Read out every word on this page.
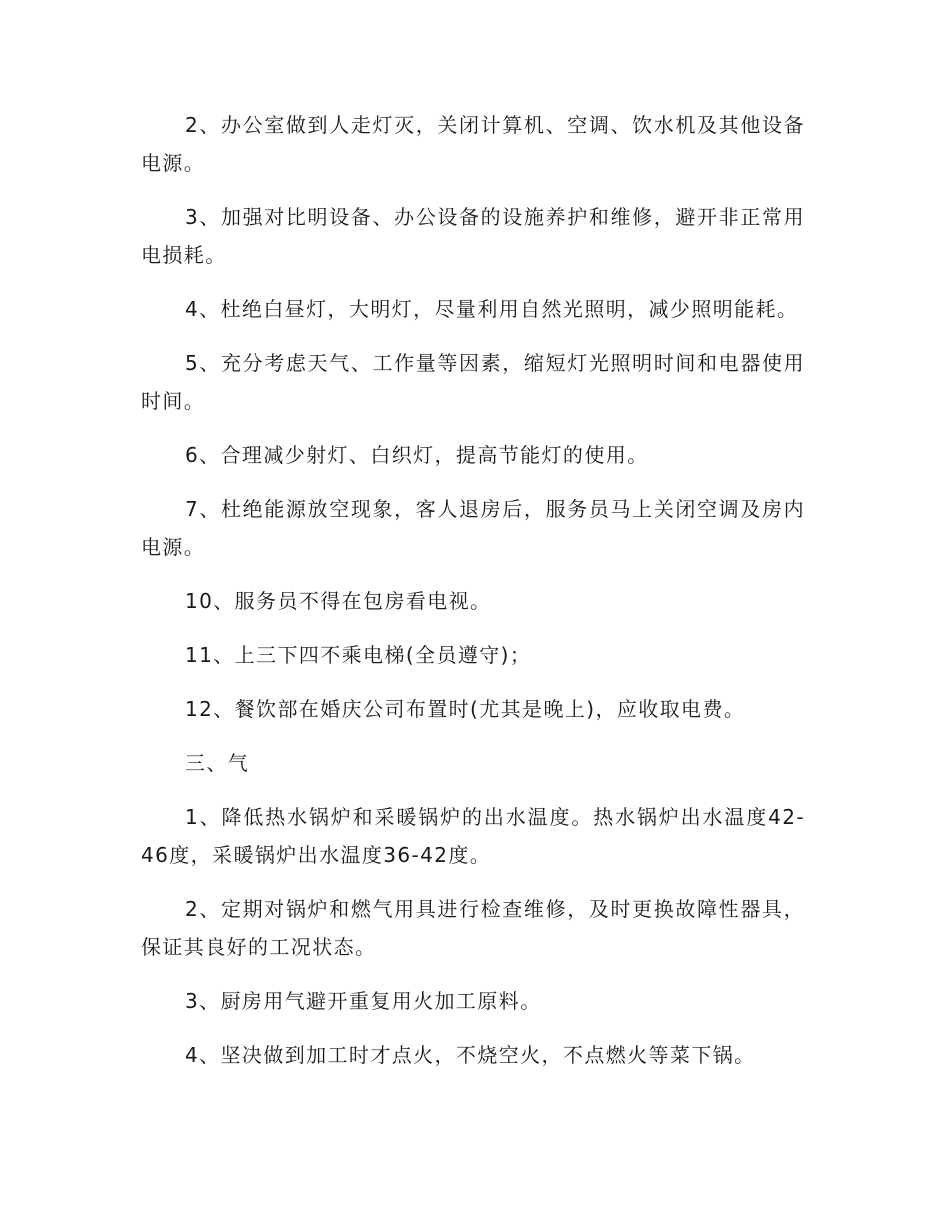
2、办公室做到人走灯灭，关闭计算机、空调、饮水机及其他设备电源。

3、加强对比明设备、办公设备的设施养护和维修，避开非正常用电损耗。

4、杜绝白昼灯，大明灯，尽量利用自然光照明，减少照明能耗。

5、充分考虑天气、工作量等因素，缩短灯光照明时间和电器使用时间。

6、合理减少射灯、白织灯，提高节能灯的使用。

7、杜绝能源放空现象，客人退房后，服务员马上关闭空调及房内电源。

10、服务员不得在包房看电视。

11、上三下四不乘电梯(全员遵守)；

12、餐饮部在婚庆公司布置时(尤其是晚上)，应收取电费。

三、气

1、降低热水锅炉和采暖锅炉的出水温度。热水锅炉出水温度42-46度，采暖锅炉出水温度36-42度。

2、定期对锅炉和燃气用具进行检查维修，及时更换故障性器具，保证其良好的工况状态。

3、厨房用气避开重复用火加工原料。

4、坚决做到加工时才点火，不烧空火，不点燃火等菜下锅。
